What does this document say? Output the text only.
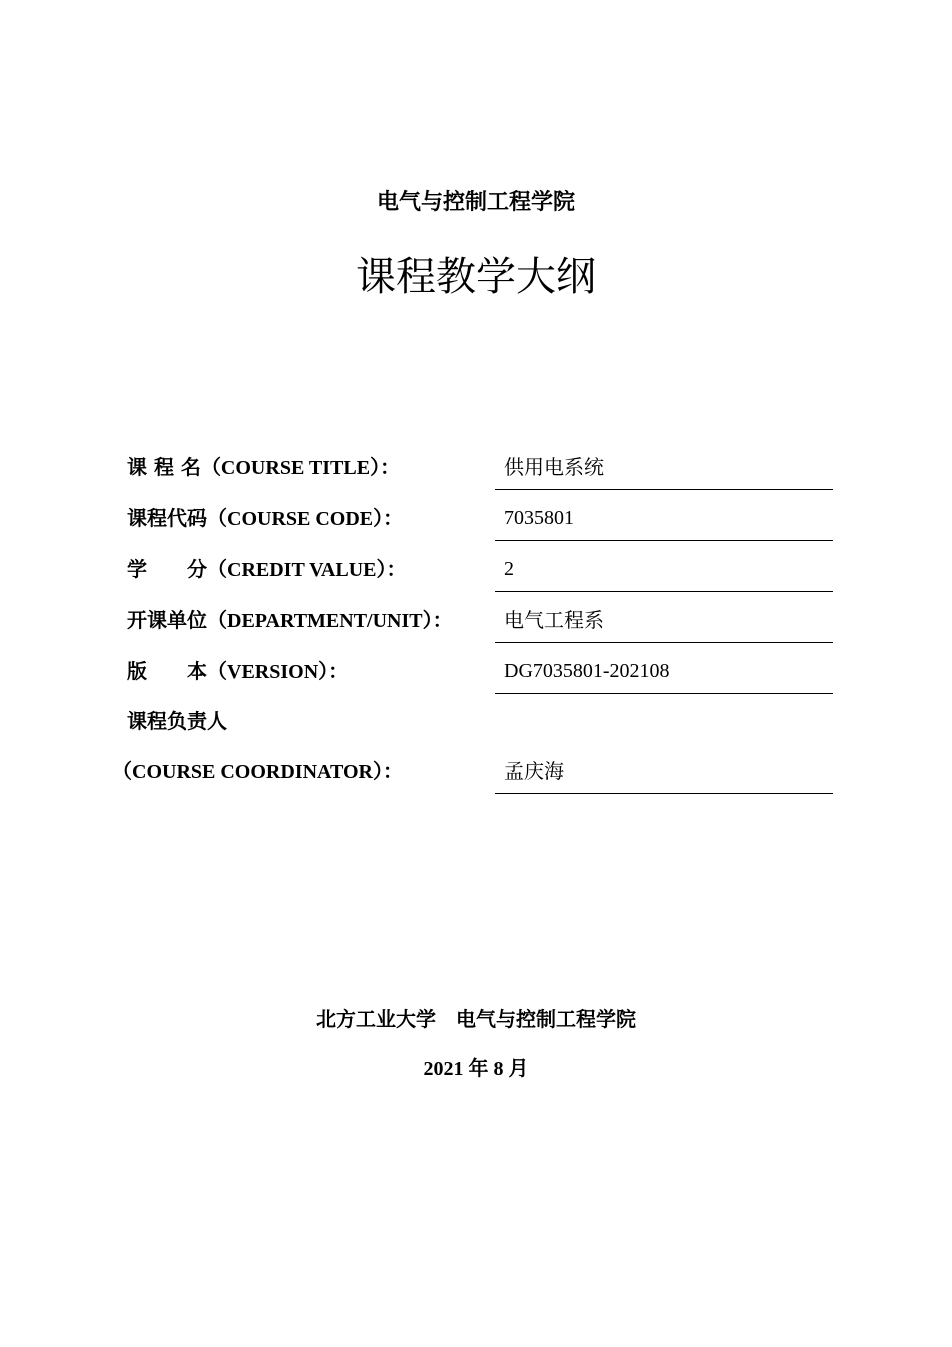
电气与控制工程学院
课程教学大纲
课 程 名（COURSE TITLE）：	供用电系统
课程代码（COURSE CODE）：	7035801
学　　分（CREDIT VALUE）：	2
开课单位（DEPARTMENT/UNIT）：	电气工程系
版　　本（VERSION）：	DG7035801-202108
课程负责人
（COURSE COORDINATOR）：	孟庆海
北方工业大学　电气与控制工程学院
2021 年 8 月
